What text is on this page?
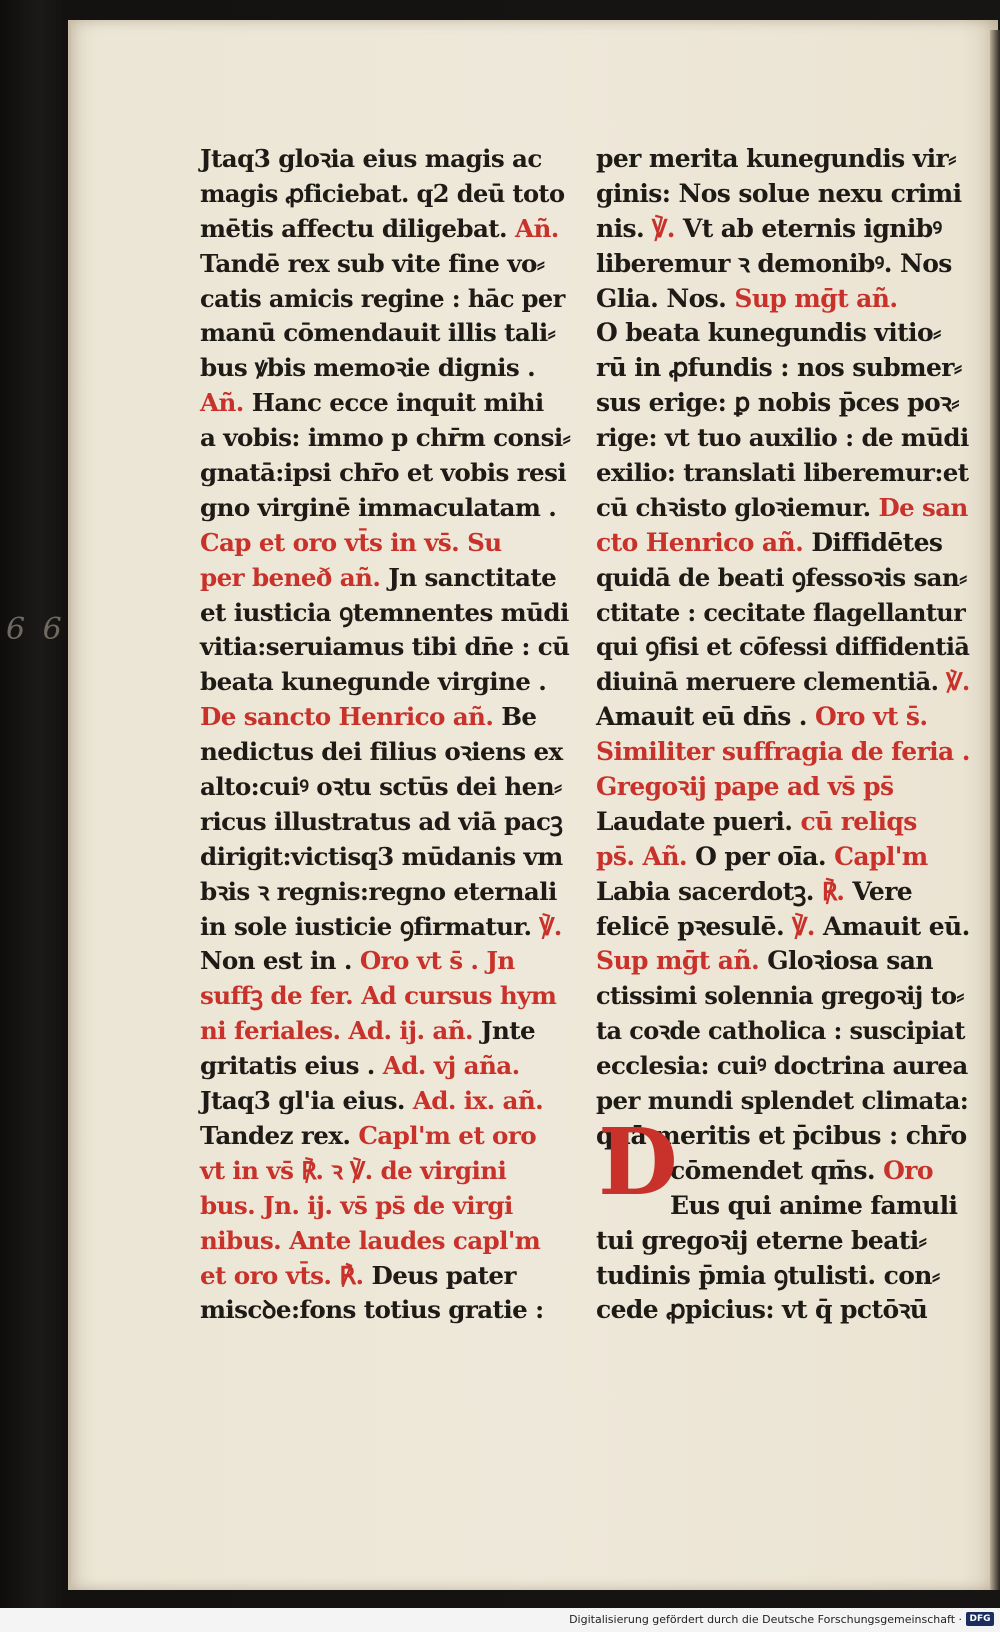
6 6
Jtaq3 gloꝛia eius magis ac
magis ꝓficiebat. q2 deū toto
mētis affectu diligebat. Añ.
Tandē rex sub vite fine vo⸗
catis amicis regine : hāc per
manū cōmendauit illis tali⸗
bus ꝟbis memoꝛie dignis .
Añ. Hanc ecce inquit mihi
a vobis: immo p chr̄m consi⸗
gnatā:ipsi chr̄o et vobis resi
gno virginē immaculatam .
Cap et oro vt̄s in vs̄. Su
per beneð añ. Jn sanctitate
et iusticia ꝯtemnentes mūdi
vitia:seruiamus tibi dn̄e : cū
beata kunegunde virgine .
De sancto Henrico añ. Be
nedictus dei filius oꝛiens ex
alto:cuiꝰ oꝛtu sctūs dei hen⸗
ricus illustratus ad viā pacꝫ
dirigit:victisq3 mūdanis vm
bꝛis ꝛ regnis:regno eternali
in sole iusticie ꝯfirmatur. ℣.
Non est in . Oro vt s̄ . Jn
suffꝫ de fer. Ad cursus hym
ni feriales. Ad. ij. añ. Jnte
gritatis eius . Ad. vj aña.
Jtaq3 gl'ia eius. Ad. ix. añ.
Tandez rex. Capl'm et oro
vt in vs̄ ℟. ꝛ ℣. de virgini
bus. Jn. ij. vs̄ ps̄ de virgi
nibus. Ante laudes capl'm
et oro vt̄s. ℟. Deus pater
miscꝺe:fons totius gratie :
per merita kunegundis vir⸗
ginis: Nos solue nexu crimi
nis. ℣. Vt ab eternis ignibꝰ
liberemur ꝛ demonibꝰ. Nos
Glia. Nos. Sup mḡt añ.
O beata kunegundis vitio⸗
rū in ꝓfundis : nos submer⸗
sus erige: ꝑ nobis p̄ces poꝛ⸗
rige: vt tuo auxilio : de mūdi
exilio: translati liberemur:et
cū chꝛisto gloꝛiemur. De san
cto Henrico añ. Diffidētes
quidā de beati ꝯfessoꝛis san⸗
ctitate : cecitate flagellantur
qui ꝯfisi et cōfessi diffidentiā
diuinā meruere clementiā. ℣.
Amauit eū dn̄s . Oro vt s̄.
Similiter suffragia de feria .
Gregoꝛij pape ad vs̄ ps̄
Laudate pueri. cū reliqs
ps̄. Añ. O per oīa. Capl'm
Labia sacerdotꝫ. ℟. Vere
felicē pꝛesulē. ℣. Amauit eū.
Sup mḡt añ. Gloꝛiosa san
ctissimi solennia gregoꝛij to⸗
ta coꝛde catholica : suscipiat
ecclesia: cuiꝰ doctrina aurea
per mundi splendet climata:
quā meritis et p̄cibus : chr̄o
cōmendet qm̄s. Oro
Eus qui anime famuli
tui gregoꝛij eterne beati⸗
tudinis p̄mia ꝯtulisti. con⸗
cede ꝓpicius: vt q̄ pctōꝛū
D
Digitalisierung gefördert durch die Deutsche Forschungsgemeinschaft · DFG
